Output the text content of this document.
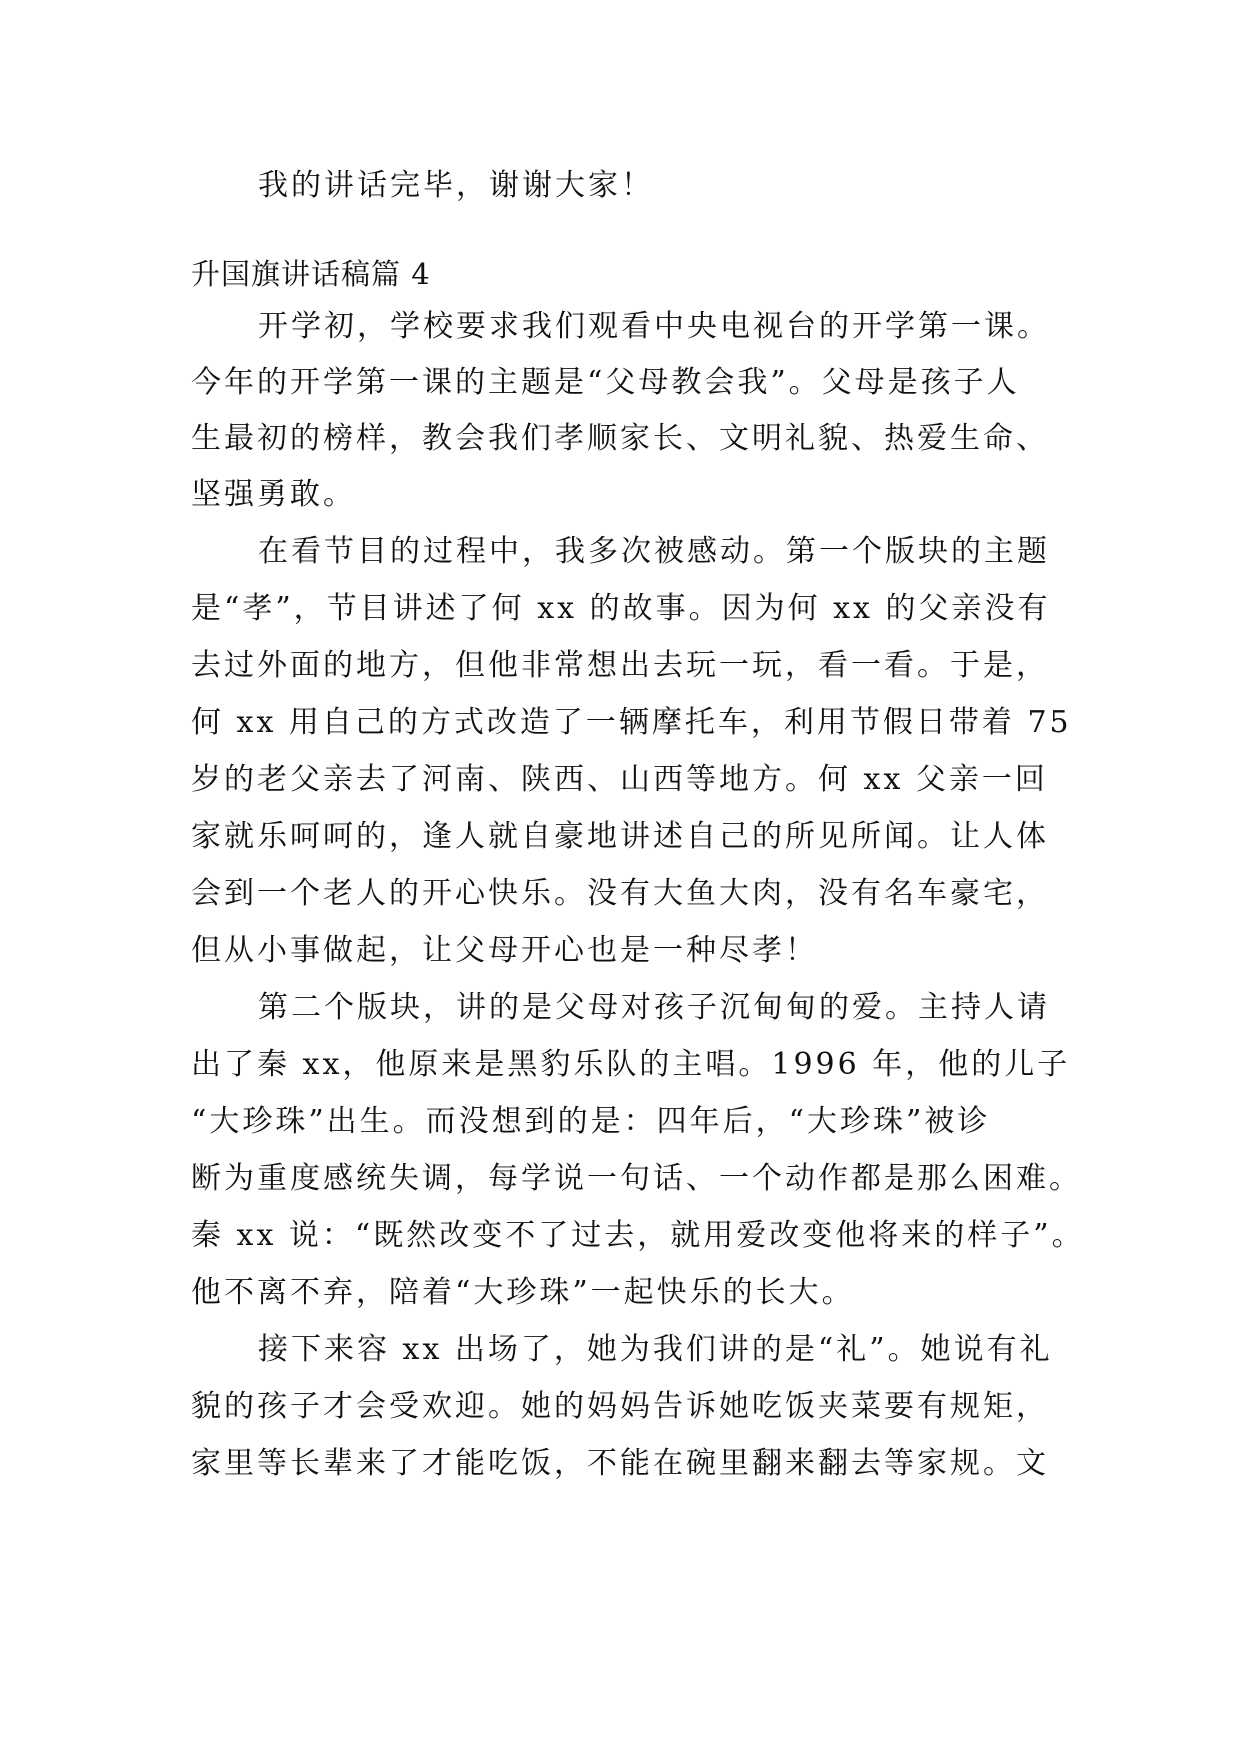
我的讲话完毕，谢谢大家！
升国旗讲话稿篇 4
开学初，学校要求我们观看中央电视台的开学第一课。
今年的开学第一课的主题是“父母教会我”。父母是孩子人
生最初的榜样，教会我们孝顺家长、文明礼貌、热爱生命、
坚强勇敢。
在看节目的过程中，我多次被感动。第一个版块的主题
是“孝”，节目讲述了何 xx 的故事。因为何 xx 的父亲没有
去过外面的地方，但他非常想出去玩一玩，看一看。于是，
何 xx 用自己的方式改造了一辆摩托车，利用节假日带着 75
岁的老父亲去了河南、陕西、山西等地方。何 xx 父亲一回
家就乐呵呵的，逢人就自豪地讲述自己的所见所闻。让人体
会到一个老人的开心快乐。没有大鱼大肉，没有名车豪宅，
但从小事做起，让父母开心也是一种尽孝！
第二个版块，讲的是父母对孩子沉甸甸的爱。主持人请
出了秦 xx，他原来是黑豹乐队的主唱。1996 年，他的儿子
“大珍珠”出生。而没想到的是：四年后，“大珍珠”被诊
断为重度感统失调，每学说一句话、一个动作都是那么困难。
秦 xx 说：“既然改变不了过去，就用爱改变他将来的样子”。
他不离不弃，陪着“大珍珠”一起快乐的长大。
接下来容 xx 出场了，她为我们讲的是“礼”。她说有礼
貌的孩子才会受欢迎。她的妈妈告诉她吃饭夹菜要有规矩，
家里等长辈来了才能吃饭，不能在碗里翻来翻去等家规。文
